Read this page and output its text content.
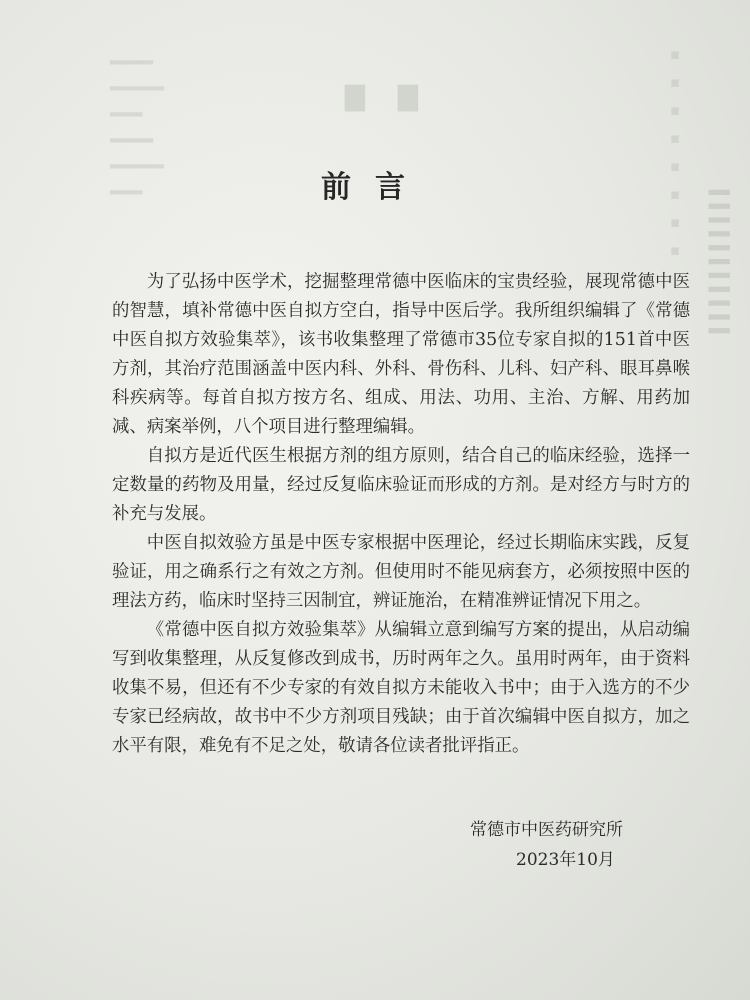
▇ ▇
▍▍▍▍▍▍▍▍▍▍▍
▪
▪
▪
▪
▪
▪
▪
▪
▂▂▂▂
▂▂▂▂▂
▂▂▂
▂▂▂▂
▂▂▂▂▂
▂▂▂	前言

为了弘扬中医学术，挖掘整理常德中医临床的宝贵经验，展现常德中医的智慧，填补常德中医自拟方空白，指导中医后学。我所组织编辑了《常德中医自拟方效验集萃》，该书收集整理了常德市35位专家自拟的151首中医方剂，其治疗范围涵盖中医内科、外科、骨伤科、儿科、妇产科、眼耳鼻喉科疾病等。每首自拟方按方名、组成、用法、功用、主治、方解、用药加减、病案举例，八个项目进行整理编辑。

自拟方是近代医生根据方剂的组方原则，结合自己的临床经验，选择一定数量的药物及用量，经过反复临床验证而形成的方剂。是对经方与时方的补充与发展。

中医自拟效验方虽是中医专家根据中医理论，经过长期临床实践，反复验证，用之确系行之有效之方剂。但使用时不能见病套方，必须按照中医的理法方药，临床时坚持三因制宜，辨证施治，在精准辨证情况下用之。

《常德中医自拟方效验集萃》从编辑立意到编写方案的提出，从启动编写到收集整理，从反复修改到成书，历时两年之久。虽用时两年，由于资料收集不易，但还有不少专家的有效自拟方未能收入书中；由于入选方的不少专家已经病故，故书中不少方剂项目残缺；由于首次编辑中医自拟方，加之水平有限，难免有不足之处，敬请各位读者批评指正。

常德市中医药研究所
2023年10月
